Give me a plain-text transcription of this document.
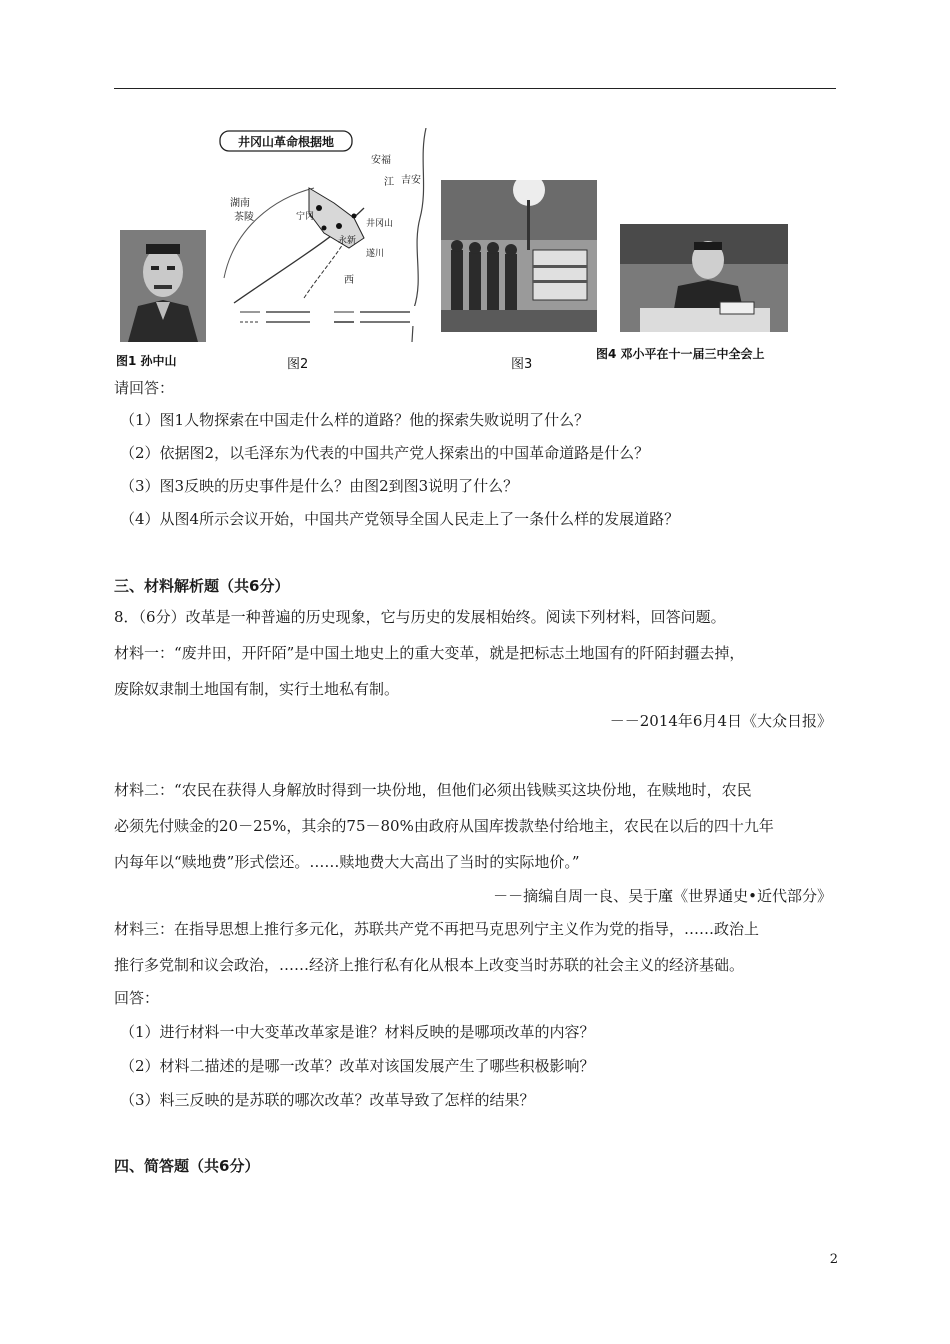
图1 孙中山
井冈山革命根据地
安福
吉安
江
茶陵
永新
宁冈
井冈山
遂川
湖南
西
图2	图3
图4 邓小平在十一届三中全会上
请回答：
（1）图1人物探索在中国走什么样的道路？他的探索失败说明了什么？
（2）依据图2，以毛泽东为代表的中国共产党人探索出的中国革命道路是什么？
（3）图3反映的历史事件是什么？由图2到图3说明了什么？
（4）从图4所示会议开始，中国共产党领导全国人民走上了一条什么样的发展道路？
三、材料解析题（共6分）
8．（6分）改革是一种普遍的历史现象，它与历史的发展相始终。阅读下列材料，回答问题。
材料一：“废井田，开阡陌”是中国土地史上的重大变革，就是把标志土地国有的阡陌封疆去掉，
废除奴隶制土地国有制，实行土地私有制。
－－2014年6月4日《大众日报》
材料二：“农民在获得人身解放时得到一块份地，但他们必须出钱赎买这块份地，在赎地时，农民
必须先付赎金的20－25%，其余的75－80%由政府从国库拨款垫付给地主，农民在以后的四十九年
内每年以“赎地费”形式偿还。……赎地费大大高出了当时的实际地价。”
－－摘编自周一良、吴于廑《世界通史•近代部分》
材料三：在指导思想上推行多元化，苏联共产党不再把马克思列宁主义作为党的指导，……政治上
推行多党制和议会政治，……经济上推行私有化从根本上改变当时苏联的社会主义的经济基础。
回答：
（1）进行材料一中大变革改革家是谁？材料反映的是哪项改革的内容？
（2）材料二描述的是哪一改革？改革对该国发展产生了哪些积极影响？
（3）料三反映的是苏联的哪次改革？改革导致了怎样的结果？
四、简答题（共6分）
2
